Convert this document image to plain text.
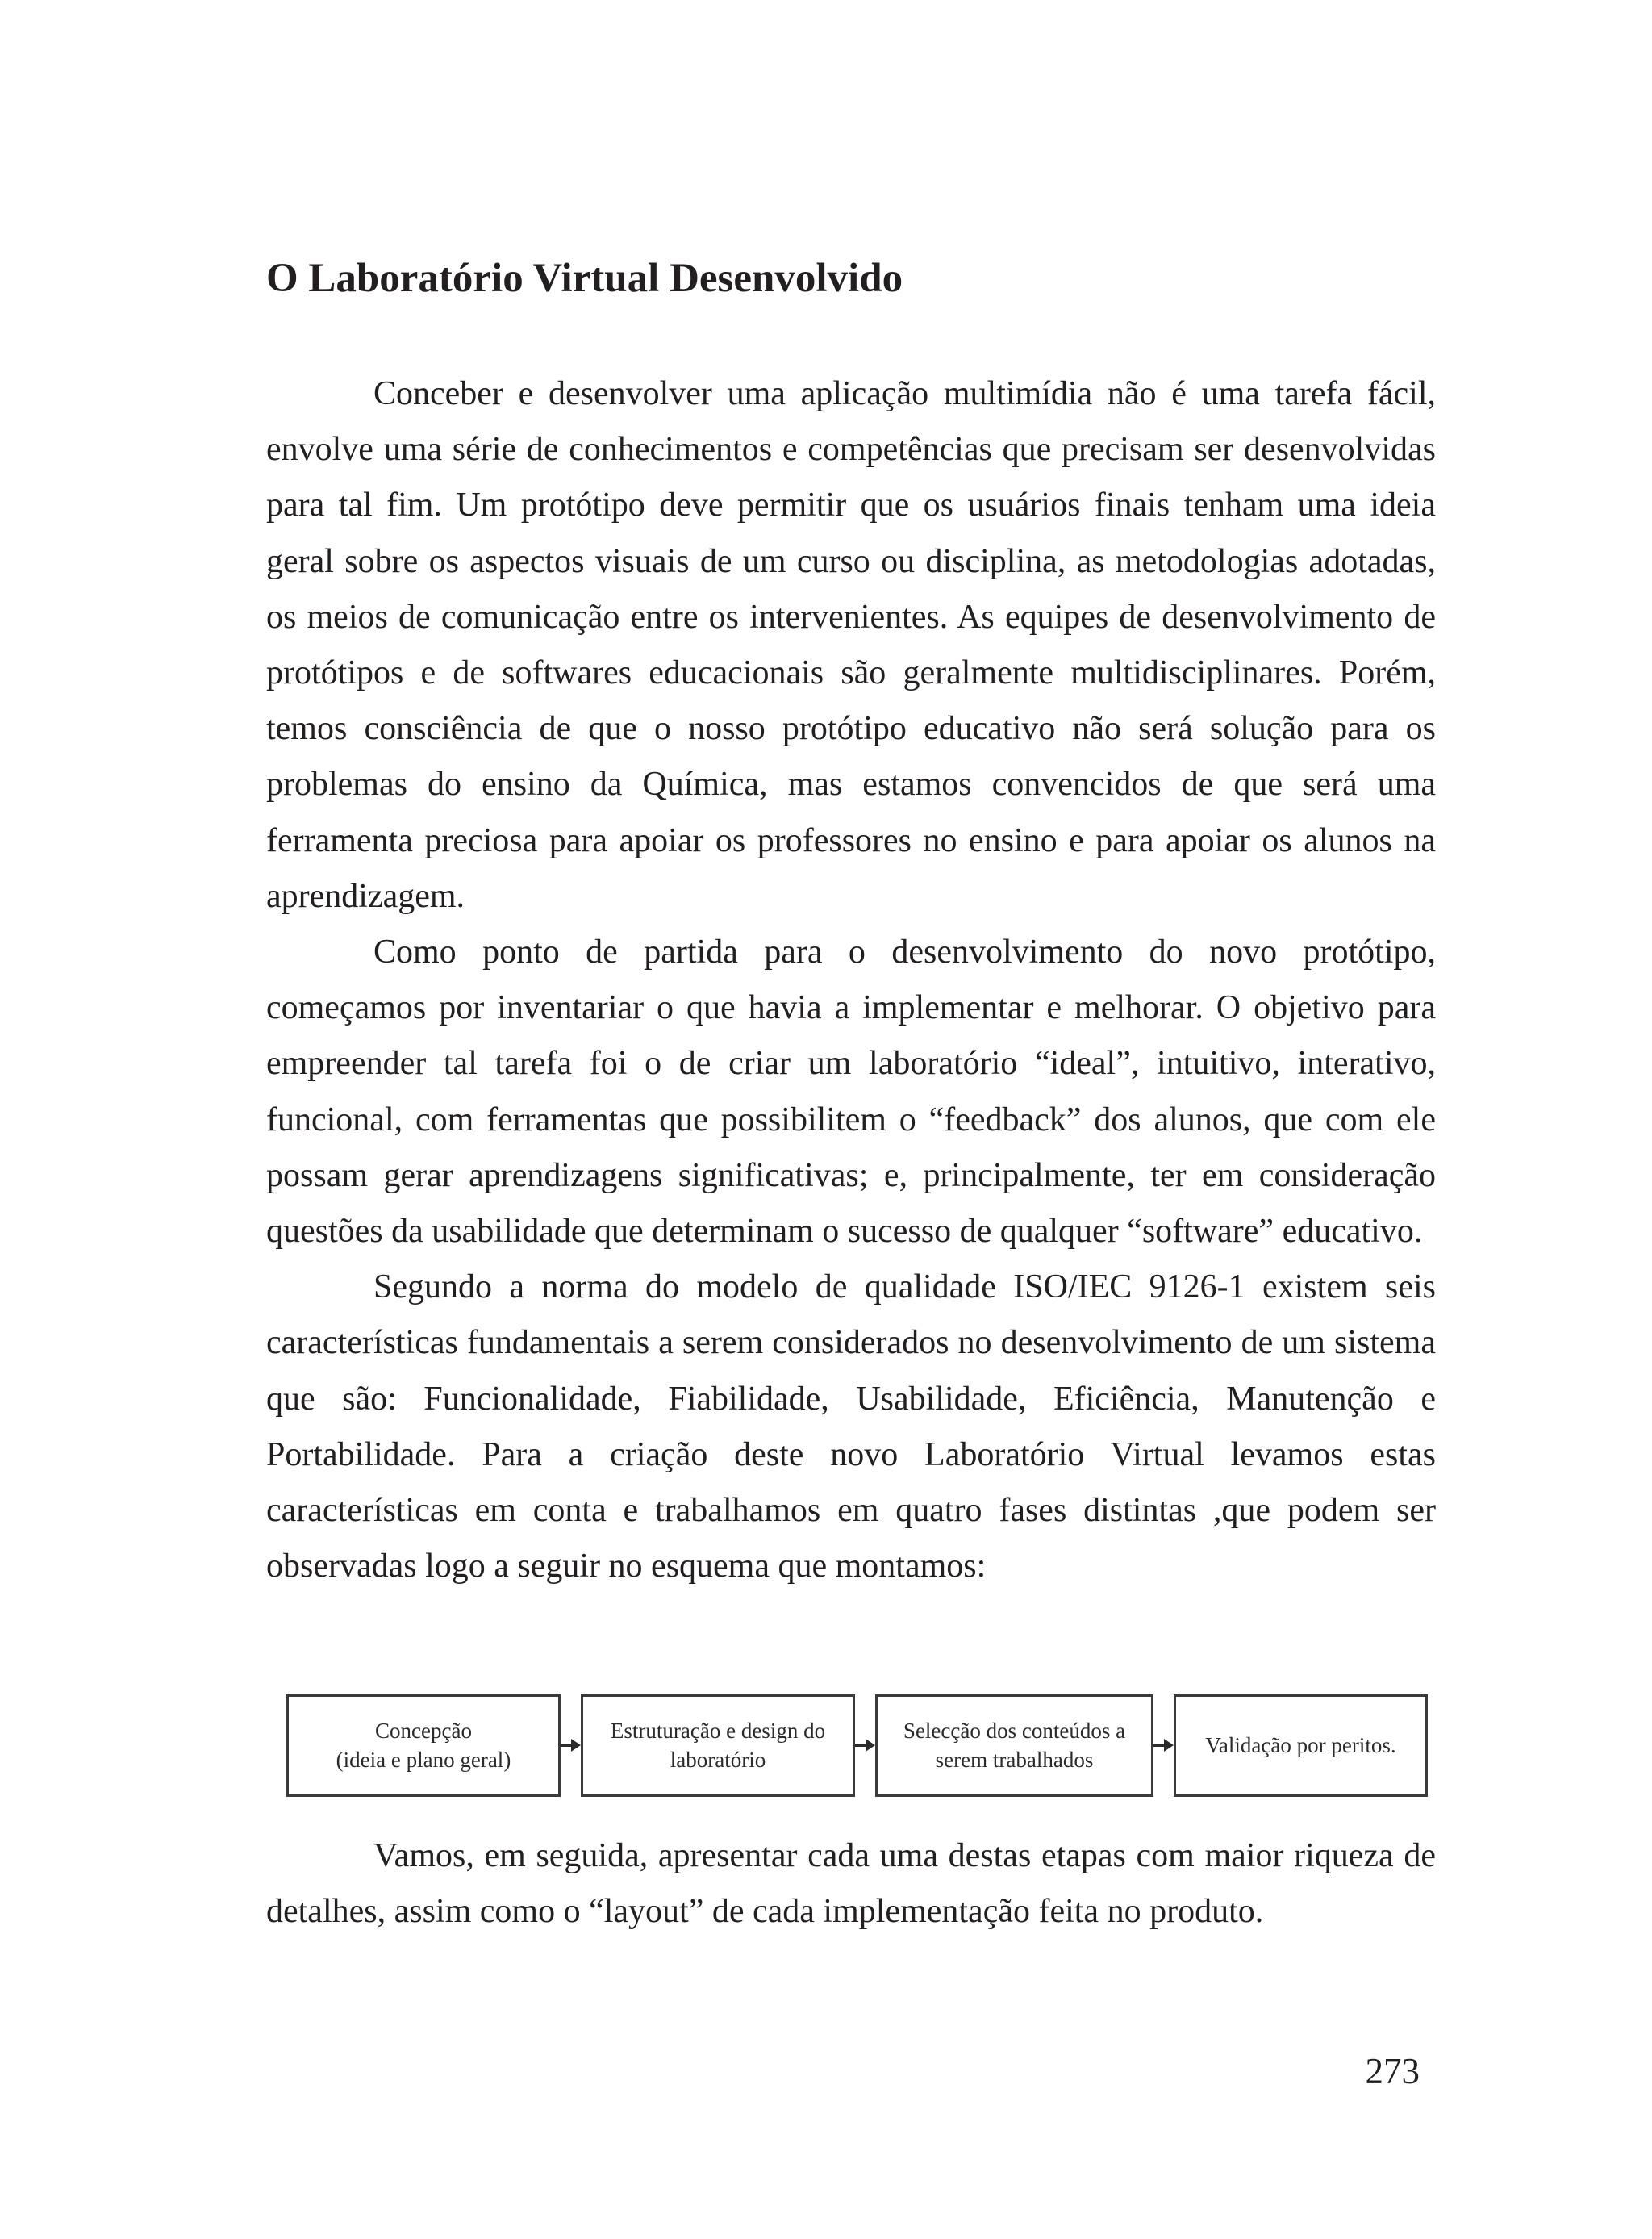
O Laboratório Virtual Desenvolvido

Conceber e desenvolver uma aplicação multimídia não é uma tarefa fácil, envolve uma série de conhecimentos e competências que precisam ser desenvolvidas para tal fim. Um protótipo deve permitir que os usuários finais tenham uma ideia geral sobre os aspectos visuais de um curso ou disciplina, as metodologias adotadas, os meios de comunicação entre os intervenientes. As equipes de desenvolvimento de protótipos e de softwares educacionais são geralmente multidisciplinares. Porém, temos consciência de que o nosso protótipo educativo não será solução para os problemas do ensino da Química, mas estamos convencidos de que será uma ferramenta preciosa para apoiar os professores no ensino e para apoiar os alunos na aprendizagem.

Como ponto de partida para o desenvolvimento do novo protótipo, começamos por inventariar o que havia a implementar e melhorar. O objetivo para empreender tal tarefa foi o de criar um laboratório “ideal”, intuitivo, interativo, funcional, com ferramentas que possibilitem o “feedback” dos alunos, que com ele possam gerar aprendizagens significativas; e, principalmente, ter em consideração questões da usabilidade que determinam o sucesso de qualquer “software” educativo.

Segundo a norma do modelo de qualidade ISO/IEC 9126-1 existem seis características fundamentais a serem considerados no desenvolvimento de um sistema que são: Funcionalidade, Fiabilidade, Usabilidade, Eficiência, Manutenção e Portabilidade. Para a criação deste novo Laboratório Virtual levamos estas características em conta e trabalhamos em quatro fases distintas ,que podem ser observadas logo a seguir no esquema que montamos:

Concepção
(ideia e plano geral)
Estruturação e design do
laboratório
Selecção dos conteúdos a
serem trabalhados
Validação por peritos.

Vamos, em seguida, apresentar cada uma destas etapas com maior riqueza de detalhes, assim como o “layout” de cada implementação feita no produto.

273
